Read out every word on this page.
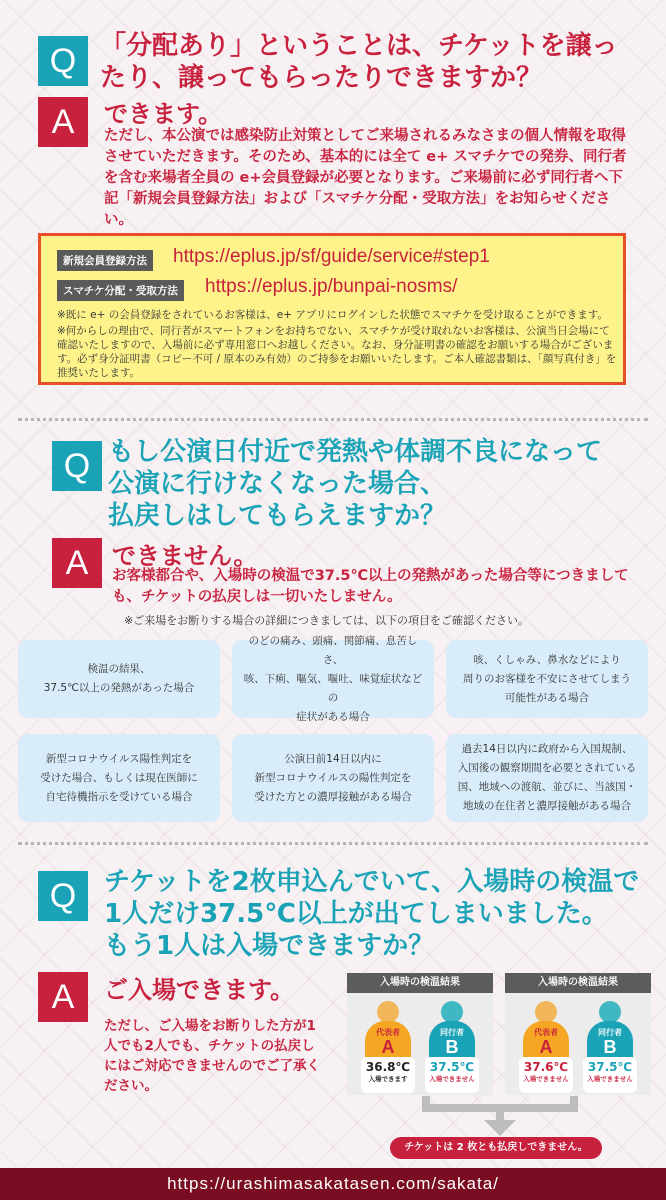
Q 「分配あり」ということは、チケットを譲ったり、譲ってもらったりできますか？
A	できます。
ただし、本公演では感染防止対策としてご来場されるみなさまの個人情報を取得させていただきます。そのため、基本的には全て e+ スマチケでの発券、同行者を含む来場者全員の e+会員登録が必要となります。ご来場前に必ず同行者へ下記「新規会員登録方法」および「スマチケ分配・受取方法」をお知らせください。
新規会員登録方法	https://eplus.jp/sf/guide/service#step1
スマチケ分配・受取方法	https://eplus.jp/bunpai-nosms/
※既に e+ の会員登録をされているお客様は、e+ アプリにログインした状態でスマチケを受け取ることができます。
※何からしの理由で、同行者がスマートフォンをお持ちでない、スマチケが受け取れないお客様は、公演当日会場にて確認いたしますので、入場前に必ず専用窓口へお越しください。なお、身分証明書の確認をお願いする場合がございます。必ず身分証明書（コピー不可 / 原本のみ有効）のご持参をお願いいたします。ご本人確認書類は、「顔写真付き」を推奨いたします。
Q もし公演日付近で発熱や体調不良になって
公演に行けなくなった場合、
払戻しはしてもらえますか？
A できません。
お客様都合や、入場時の検温で37.5℃以上の発熱があった場合等につきましても、チケットの払戻しは一切いたしません。
※ご来場をお断りする場合の詳細につきましては、以下の項目をご確認ください。
検温の結果、
37.5℃以上の発熱があった場合
のどの痛み、頭痛、関節痛、息苦しさ、
咳、下痢、嘔気、嘔吐、味覚症状などの
症状がある場合
咳、くしゃみ、鼻水などにより
周りのお客様を不安にさせてしまう
可能性がある場合
新型コロナウイルス陽性判定を
受けた場合、もしくは現在医師に
自宅待機指示を受けている場合
公演日前14日以内に
新型コロナウイルスの陽性判定を
受けた方との濃厚接触がある場合
過去14日以内に政府から入国規制、
入国後の観察期間を必要とされている
国、地域への渡航、並びに、当該国・
地域の在住者と濃厚接触がある場合
Q	チケットを2枚申込んでいて、入場時の検温で
1人だけ37.5℃以上が出てしまいました。
もう1人は入場できますか？
A	ご入場できます。
ただし、ご入場をお断りした方が1人でも2人でも、チケットの払戻しにはご対応できませんのでご了承ください。
入場時の検温結果
代表者
A
同行者
B
36.8℃
入場できます
37.5℃
入場できません
入場時の検温結果
代表者
A
同行者
B
37.6℃
入場できません
37.5℃
入場できません
チケットは 2 枚とも払戻しできません。
https://urashimasakatasen.com/sakata/
